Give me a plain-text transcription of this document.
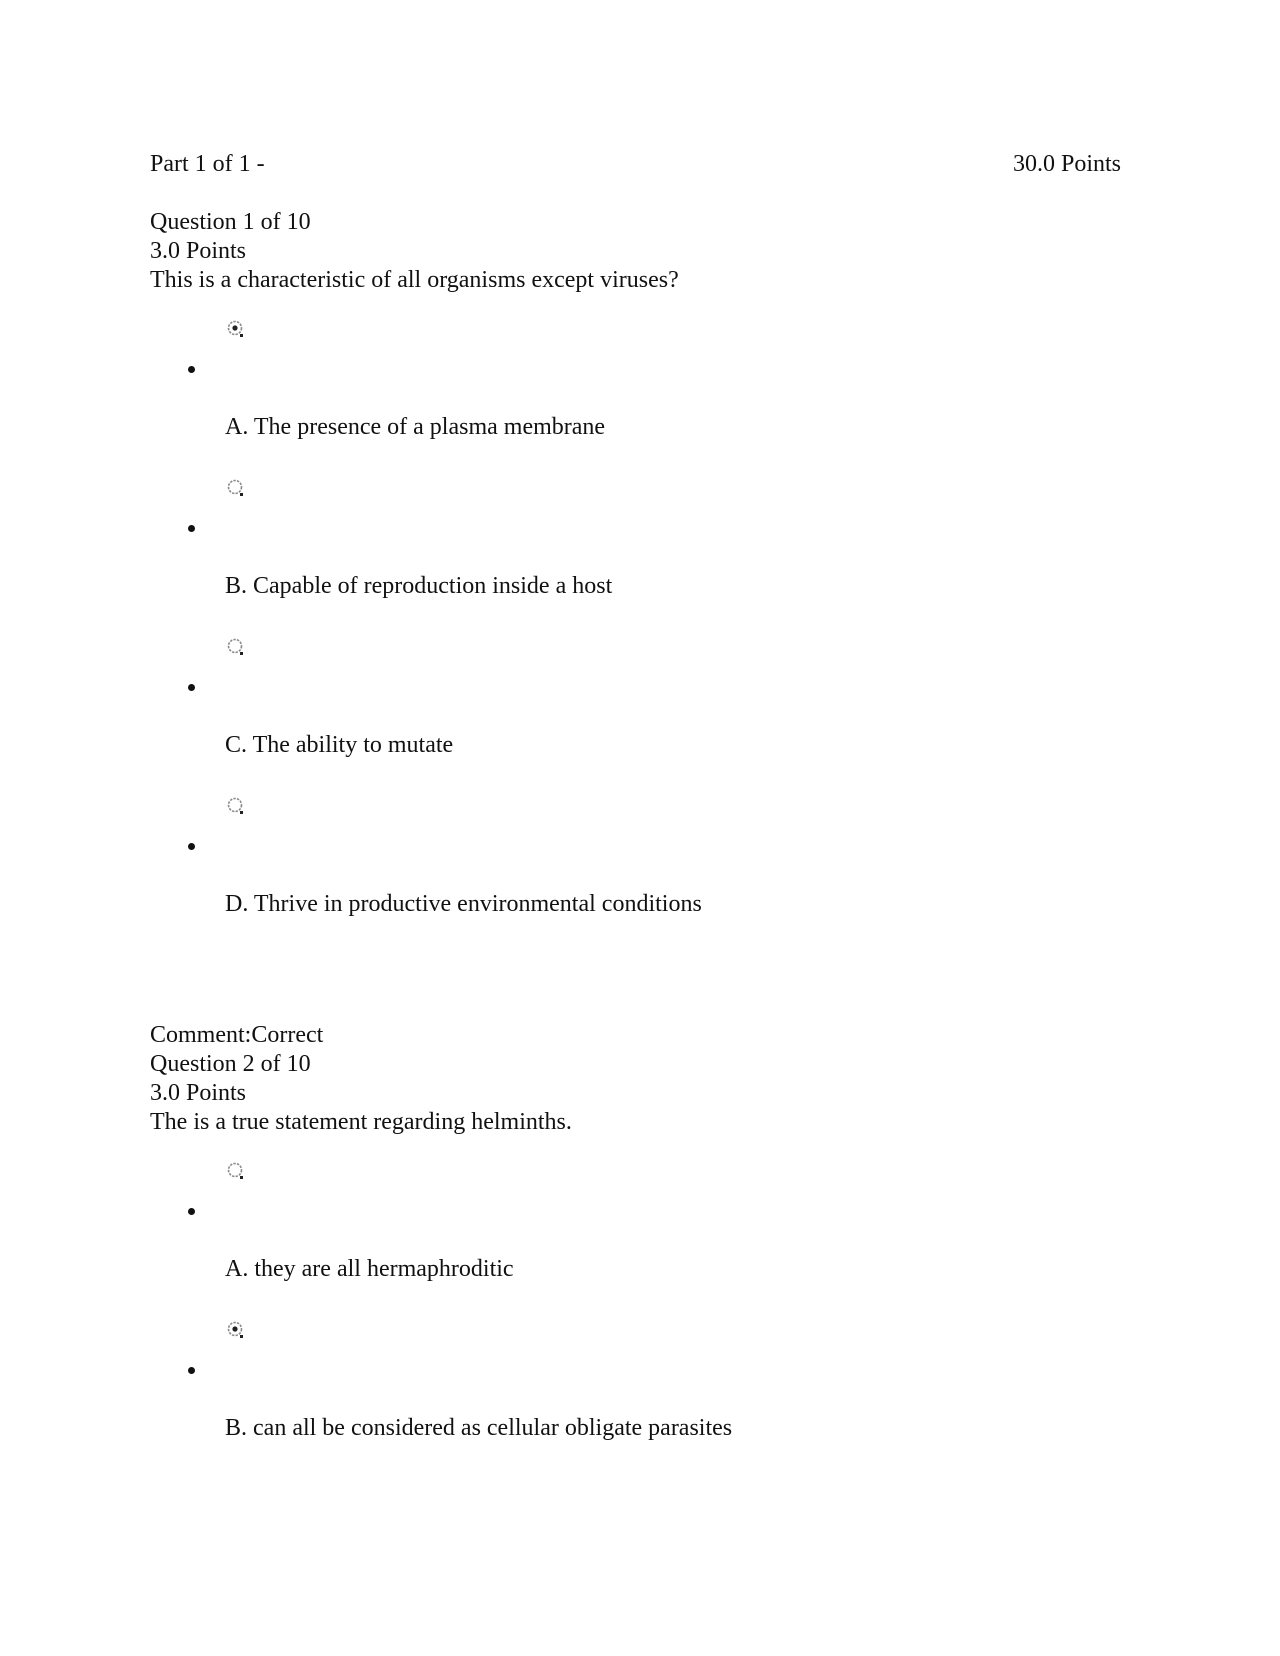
Part 1 of 1 -	30.0 Points
Question 1 of 10
3.0 Points
This is a characteristic of all organisms except viruses?
A. The presence of a plasma membrane
B. Capable of reproduction inside a host
C. The ability to mutate
D. Thrive in productive environmental conditions
Comment:Correct
Question 2 of 10
3.0 Points
The is a true statement regarding helminths.
A. they are all hermaphroditic
B. can all be considered as cellular obligate parasites
